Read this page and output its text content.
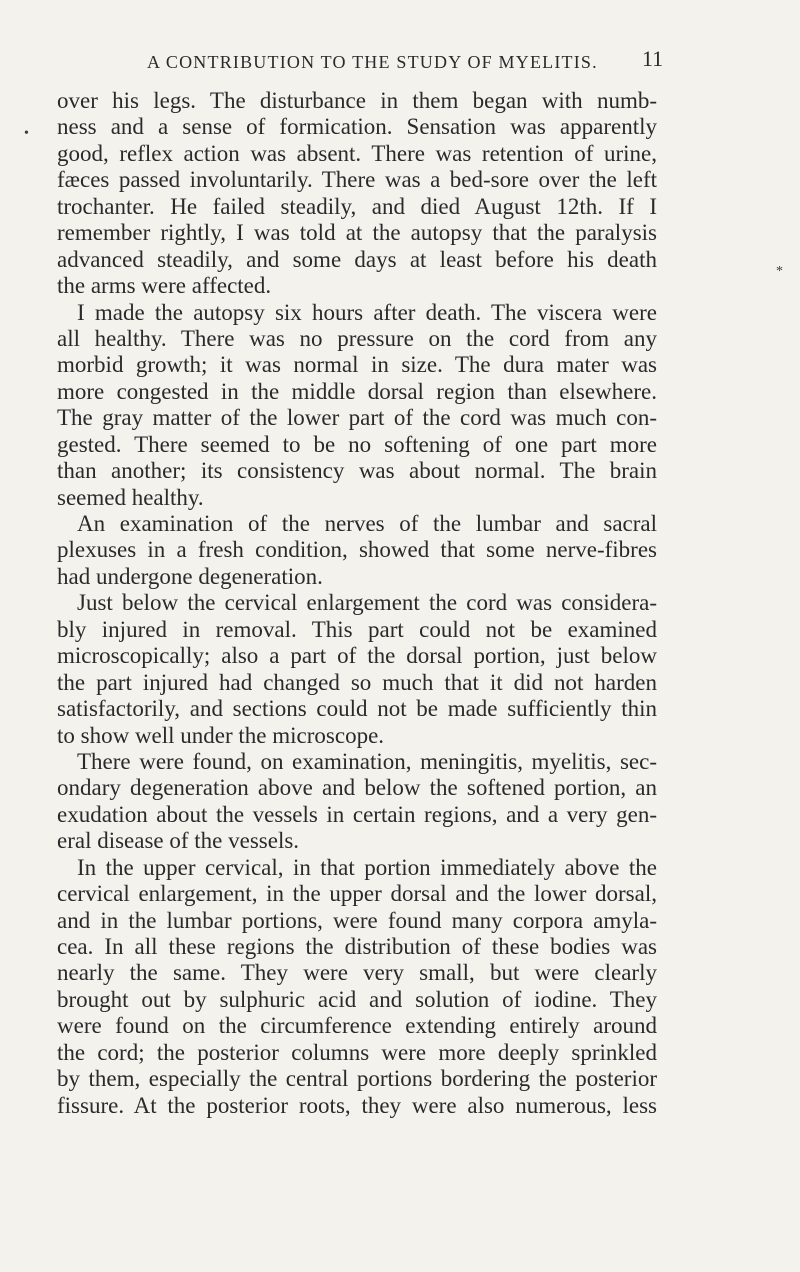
A CONTRIBUTION TO THE STUDY OF MYELITIS. 11
•
*
over his legs. The disturbance in them began with numb-
ness and a sense of formication. Sensation was apparently
good, reflex action was absent. There was retention of urine,
fæces passed involuntarily. There was a bed-sore over the left
trochanter. He failed steadily, and died August 12th. If I
remember rightly, I was told at the autopsy that the paralysis
advanced steadily, and some days at least before his death
the arms were affected.
I made the autopsy six hours after death. The viscera were
all healthy. There was no pressure on the cord from any
morbid growth; it was normal in size. The dura mater was
more congested in the middle dorsal region than elsewhere.
The gray matter of the lower part of the cord was much con-
gested. There seemed to be no softening of one part more
than another; its consistency was about normal. The brain
seemed healthy.
An examination of the nerves of the lumbar and sacral
plexuses in a fresh condition, showed that some nerve-fibres
had undergone degeneration.
Just below the cervical enlargement the cord was considera-
bly injured in removal. This part could not be examined
microscopically; also a part of the dorsal portion, just below
the part injured had changed so much that it did not harden
satisfactorily, and sections could not be made sufficiently thin
to show well under the microscope.
There were found, on examination, meningitis, myelitis, sec-
ondary degeneration above and below the softened portion, an
exudation about the vessels in certain regions, and a very gen-
eral disease of the vessels.
In the upper cervical, in that portion immediately above the
cervical enlargement, in the upper dorsal and the lower dorsal,
and in the lumbar portions, were found many corpora amyla-
cea. In all these regions the distribution of these bodies was
nearly the same. They were very small, but were clearly
brought out by sulphuric acid and solution of iodine. They
were found on the circumference extending entirely around
the cord; the posterior columns were more deeply sprinkled
by them, especially the central portions bordering the posterior
fissure. At the posterior roots, they were also numerous, less
